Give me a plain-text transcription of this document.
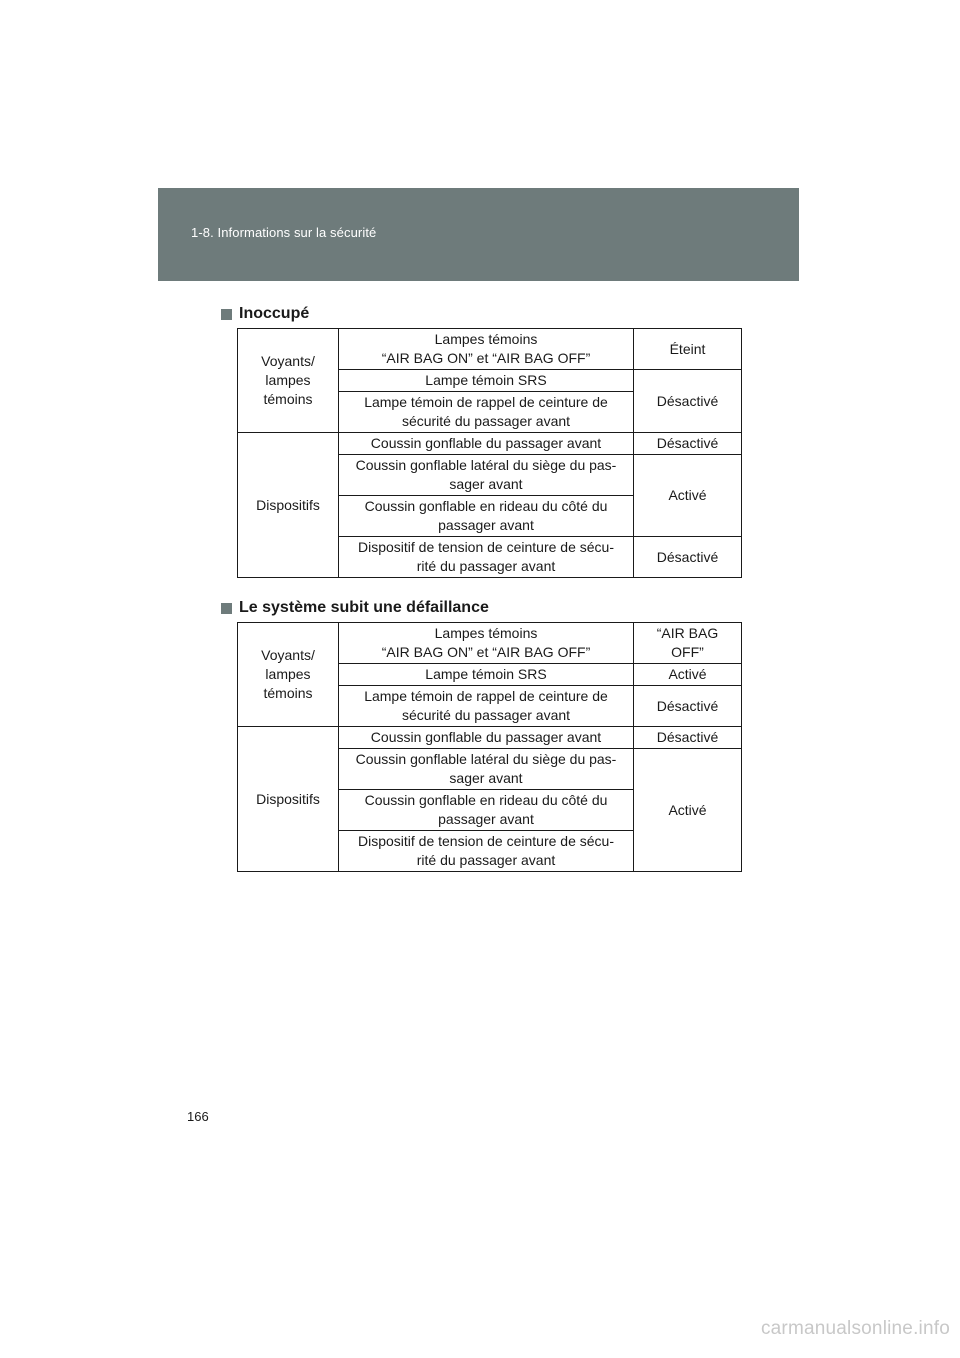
1-8. Informations sur la sécurité
Inoccupé
Voyants/
lampes
témoins	Lampes témoins
“AIR BAG ON” et “AIR BAG OFF”	Éteint
	Lampe témoin SRS	Désactivé
	Lampe témoin de rappel de ceinture de
sécurité du passager avant	

Dispositifs	Coussin gonflable du passager avant	Désactivé
	Coussin gonflable latéral du siège du pas-
sager avant	Activé
	Coussin gonflable en rideau du côté du
passager avant	
	Dispositif de tension de ceinture de sécu-
rité du passager avant	Désactivé
Le système subit une défaillance
Voyants/
lampes
témoins	Lampes témoins
“AIR BAG ON” et “AIR BAG OFF”	“AIR BAG
OFF”
	Lampe témoin SRS	Activé
	Lampe témoin de rappel de ceinture de
sécurité du passager avant	Désactivé
Dispositifs	Coussin gonflable du passager avant	Désactivé
	Coussin gonflable latéral du siège du pas-
sager avant	Activé
	Coussin gonflable en rideau du côté du
passager avant	
	Dispositif de tension de ceinture de sécu-
rité du passager avant	
166
carmanualsonline.info
